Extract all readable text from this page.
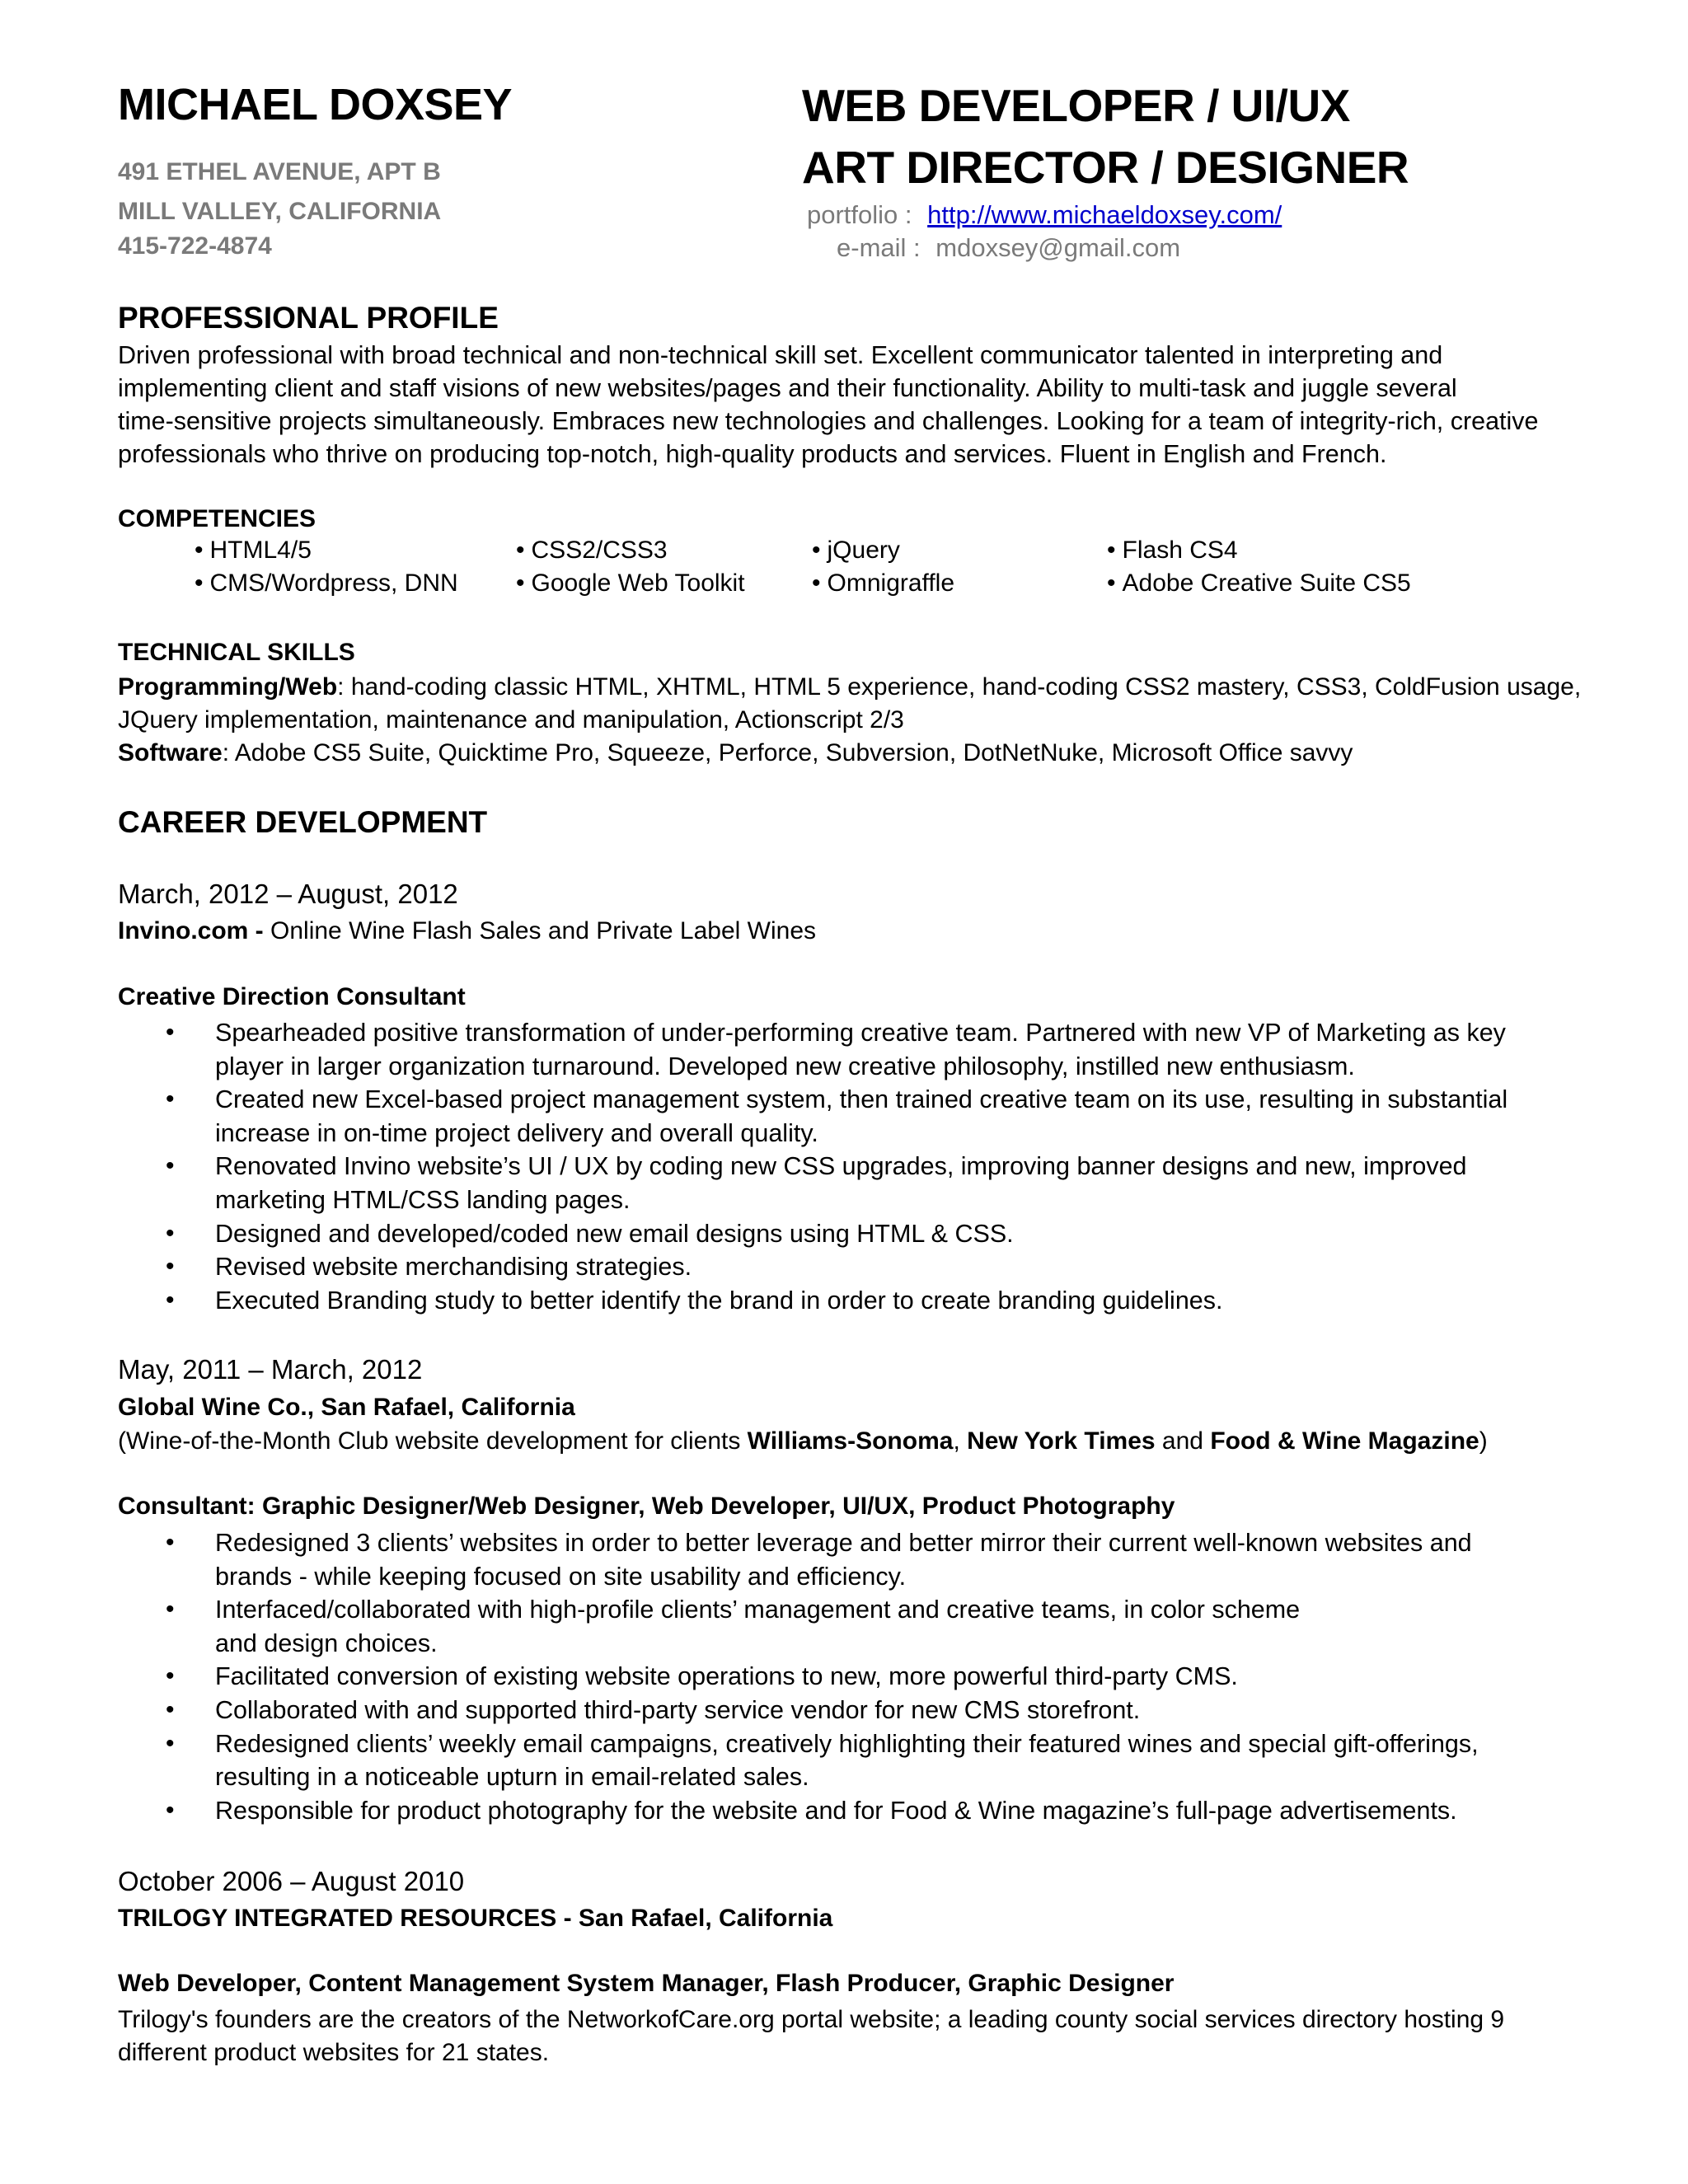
MICHAEL DOXSEY
491 ETHEL AVENUE, APT B
MILL VALLEY, CALIFORNIA
415-722-4874
WEB DEVELOPER / UI/UX
ART DIRECTOR / DESIGNER
portfolio : http://www.michaeldoxsey.com/
e-mail : mdoxsey@gmail.com
PROFESSIONAL PROFILE
Driven professional with broad technical and non-technical skill set. Excellent communicator talented in interpreting and
implementing client and staff visions of new websites/pages and their functionality. Ability to multi-task and juggle several
time-sensitive projects simultaneously. Embraces new technologies and challenges. Looking for a team of integrity-rich, creative
professionals who thrive on producing top-notch, high-quality products and services. Fluent in English and French.
COMPETENCIES
• HTML4/5	• CSS2/CSS3	• jQuery	• Flash CS4
• CMS/Wordpress, DNN • Google Web Toolkit	• Omnigraffle	• Adobe Creative Suite CS5
TECHNICAL SKILLS
Programming/Web: hand-coding classic HTML, XHTML, HTML 5 experience, hand-coding CSS2 mastery, CSS3, ColdFusion usage,
JQuery implementation, maintenance and manipulation, Actionscript 2/3
Software: Adobe CS5 Suite, Quicktime Pro, Squeeze, Perforce, Subversion, DotNetNuke, Microsoft Office savvy
CAREER DEVELOPMENT
March, 2012 – August, 2012
Invino.com - Online Wine Flash Sales and Private Label Wines
Creative Direction Consultant
• Spearheaded positive transformation of under-performing creative team. Partnered with new VP of Marketing as key
player in larger organization turnaround. Developed new creative philosophy, instilled new enthusiasm.
• Created new Excel-based project management system, then trained creative team on its use, resulting in substantial
increase in on-time project delivery and overall quality.
• Renovated Invino website’s UI / UX by coding new CSS upgrades, improving banner designs and new, improved
marketing HTML/CSS landing pages.
• Designed and developed/coded new email designs using HTML & CSS.
• Revised website merchandising strategies.
• Executed Branding study to better identify the brand in order to create branding guidelines.
May, 2011 – March, 2012
Global Wine Co., San Rafael, California
(Wine-of-the-Month Club website development for clients Williams-Sonoma, New York Times and Food & Wine Magazine)
Consultant: Graphic Designer/Web Designer, Web Developer, UI/UX, Product Photography
• Redesigned 3 clients’ websites in order to better leverage and better mirror their current well-known websites and
brands - while keeping focused on site usability and efficiency.
• Interfaced/collaborated with high-profile clients’ management and creative teams, in color scheme
and design choices.
• Facilitated conversion of existing website operations to new, more powerful third-party CMS.
• Collaborated with and supported third-party service vendor for new CMS storefront.
• Redesigned clients’ weekly email campaigns, creatively highlighting their featured wines and special gift-offerings,
resulting in a noticeable upturn in email-related sales.
• Responsible for product photography for the website and for Food & Wine magazine’s full-page advertisements.
October 2006 – August 2010
TRILOGY INTEGRATED RESOURCES - San Rafael, California
Web Developer, Content Management System Manager, Flash Producer, Graphic Designer
Trilogy's founders are the creators of the NetworkofCare.org portal website; a leading county social services directory hosting 9
different product websites for 21 states.
